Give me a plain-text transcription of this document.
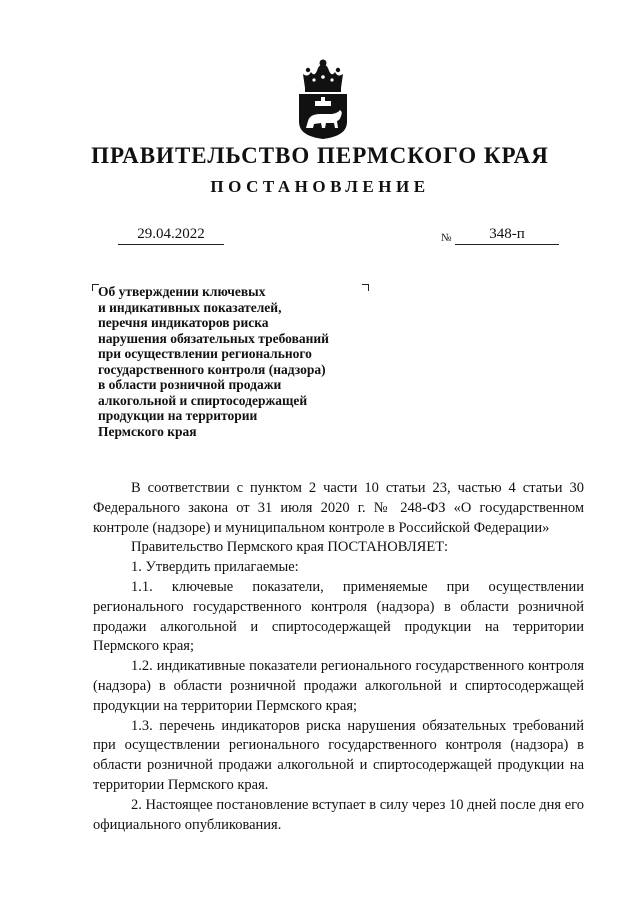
ПРАВИТЕЛЬСТВО ПЕРМСКОГО КРАЯ
ПОСТАНОВЛЕНИЕ
29.04.2022	№	348-п
Об утверждении ключевых
и индикативных показателей,
перечня индикаторов риска
нарушения обязательных требований
при осуществлении регионального
государственного контроля (надзора)
в области розничной продажи
алкогольной и спиртосодержащей
продукции на территории
Пермского края

В соответствии с пунктом 2 части 10 статьи 23, частью 4 статьи 30 Федерального закона от 31 июля 2020 г. № 248-ФЗ «О государственном контроле (надзоре) и муниципальном контроле в Российской Федерации»

Правительство Пермского края ПОСТАНОВЛЯЕТ:

1. Утвердить прилагаемые:

1.1. ключевые показатели, применяемые при осуществлении регионального государственного контроля (надзора) в области розничной продажи алкогольной и спиртосодержащей продукции на территории Пермского края;

1.2. индикативные показатели регионального государственного контроля (надзора) в области розничной продажи алкогольной и спиртосодержащей продукции на территории Пермского края;

1.3. перечень индикаторов риска нарушения обязательных требований при осуществлении регионального государственного контроля (надзора) в области розничной продажи алкогольной и спиртосодержащей продукции на территории Пермского края.

2. Настоящее постановление вступает в силу через 10 дней после дня его официального опубликования.
